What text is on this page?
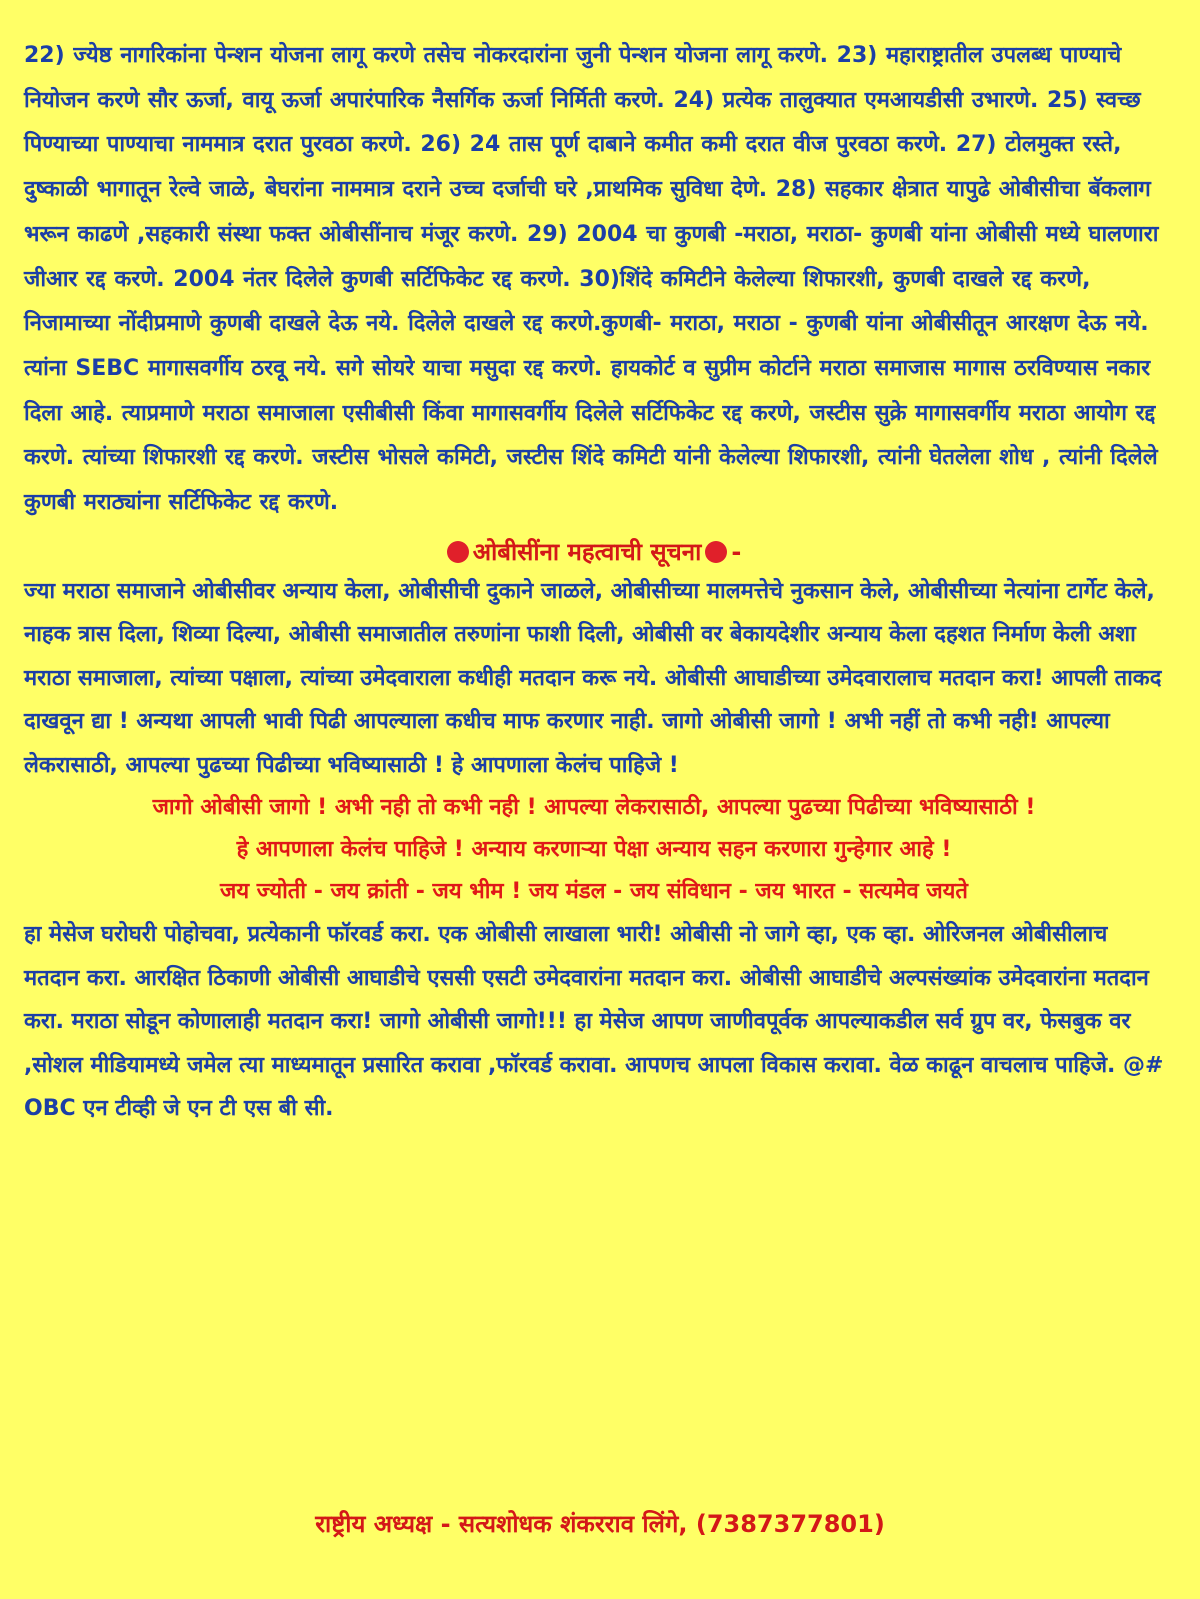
22) ज्येष्ठ नागरिकांना पेन्शन योजना लागू करणे तसेच नोकरदारांना जुनी पेन्शन योजना लागू करणे. 23) महाराष्ट्रातील उपलब्ध पाण्याचे नियोजन करणे सौर ऊर्जा, वायू ऊर्जा अपारंपारिक नैसर्गिक ऊर्जा निर्मिती करणे. 24) प्रत्येक तालुक्यात एमआयडीसी उभारणे. 25) स्वच्छ पिण्याच्या पाण्याचा नाममात्र दरात पुरवठा करणे. 26) 24 तास पूर्ण दाबाने कमीत कमी दरात वीज पुरवठा करणे. 27) टोलमुक्त रस्ते, दुष्काळी भागातून रेल्वे जाळे, बेघरांना नाममात्र दराने उच्च दर्जाची घरे ,प्राथमिक सुविधा देणे. 28) सहकार क्षेत्रात यापुढे ओबीसीचा बॅकलाग भरून काढणे ,सहकारी संस्था फक्त ओबीसींनाच मंजूर करणे. 29) 2004 चा कुणबी -मराठा, मराठा- कुणबी यांना ओबीसी मध्ये घालणारा जीआर रद्द करणे. 2004 नंतर दिलेले कुणबी सर्टिफिकेट रद्द करणे. 30)शिंदे कमिटीने केलेल्या शिफारशी, कुणबी दाखले रद्द करणे, निजामाच्या नोंदीप्रमाणे कुणबी दाखले देऊ नये. दिलेले दाखले रद्द करणे.कुणबी- मराठा, मराठा - कुणबी यांना ओबीसीतून आरक्षण देऊ नये. त्यांना SEBC मागासवर्गीय ठरवू नये. सगे सोयरे याचा मसुदा रद्द करणे. हायकोर्ट व सुप्रीम कोर्टाने मराठा समाजास मागास ठरविण्यास नकार दिला आहे. त्याप्रमाणे मराठा समाजाला एसीबीसी किंवा मागासवर्गीय दिलेले सर्टिफिकेट रद्द करणे, जस्टीस सुक्रे मागासवर्गीय मराठा आयोग रद्द करणे. त्यांच्या शिफारशी रद्द करणे. जस्टीस भोसले कमिटी, जस्टीस शिंदे कमिटी यांनी केलेल्या शिफारशी, त्यांनी घेतलेला शोध , त्यांनी दिलेले कुणबी मराठ्यांना सर्टिफिकेट रद्द करणे.

ओबीसींना महत्वाची सूचना -

ज्या मराठा समाजाने ओबीसीवर अन्याय केला, ओबीसीची दुकाने जाळले, ओबीसीच्या मालमत्तेचे नुकसान केले, ओबीसीच्या नेत्यांना टार्गेट केले, नाहक त्रास दिला, शिव्या दिल्या, ओबीसी समाजातील तरुणांना फाशी दिली, ओबीसी वर बेकायदेशीर अन्याय केला दहशत निर्माण केली अशा मराठा समाजाला, त्यांच्या पक्षाला, त्यांच्या उमेदवाराला कधीही मतदान करू नये. ओबीसी आघाडीच्या उमेदवारालाच मतदान करा! आपली ताकद दाखवून द्या ! अन्यथा आपली भावी पिढी आपल्याला कधीच माफ करणार नाही. जागो ओबीसी जागो ! अभी नहीं तो कभी नही! आपल्या लेकरासाठी, आपल्या पुढच्या पिढीच्या भविष्यासाठी ! हे आपणाला केलंच पाहिजे !

जागो ओबीसी जागो ! अभी नही तो कभी नही ! आपल्या लेकरासाठी, आपल्या पुढच्या पिढीच्या भविष्यासाठी !

हे आपणाला केलंच पाहिजे ! अन्याय करणाऱ्या पेक्षा अन्याय सहन करणारा गुन्हेगार आहे !

जय ज्योती - जय क्रांती - जय भीम ! जय मंडल - जय संविधान - जय भारत - सत्यमेव जयते

हा मेसेज घरोघरी पोहोचवा, प्रत्येकानी फॉरवर्ड करा. एक ओबीसी लाखाला भारी! ओबीसी नो जागे व्हा, एक व्हा. ओरिजनल ओबीसीलाच मतदान करा. आरक्षित ठिकाणी ओबीसी आघाडीचे एससी एसटी उमेदवारांना मतदान करा. ओबीसी आघाडीचे अल्पसंख्यांक उमेदवारांना मतदान करा. मराठा सोडून कोणालाही मतदान करा! जागो ओबीसी जागो!!! हा मेसेज आपण जाणीवपूर्वक आपल्याकडील सर्व ग्रुप वर, फेसबुक वर ,सोशल मीडियामध्ये जमेल त्या माध्यमातून प्रसारित करावा ,फॉरवर्ड करावा. आपणच आपला विकास करावा. वेळ काढून वाचलाच पाहिजे. @# OBC एन टीव्ही जे एन टी एस बी सी.

राष्ट्रीय अध्यक्ष - सत्यशोधक शंकरराव लिंगे, (7387377801)
